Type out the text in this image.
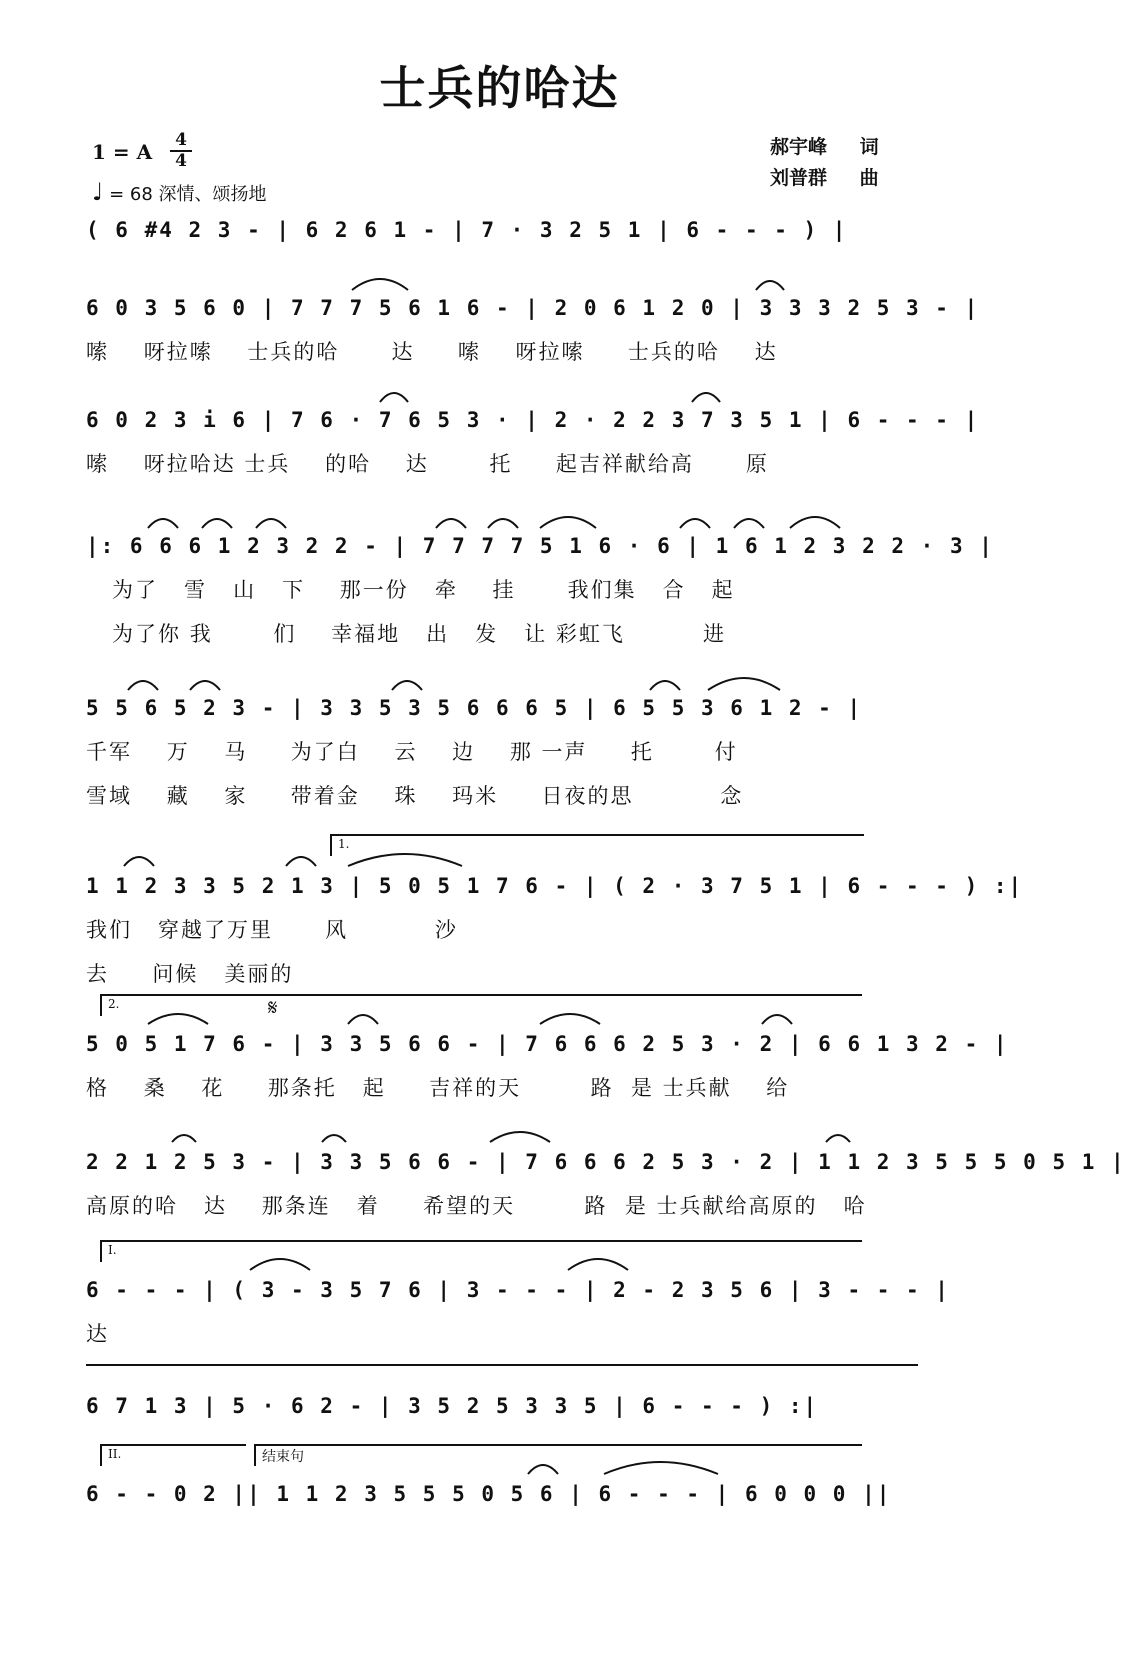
士兵的哈达
1 = A 4
4
♩ = 68 深情、颂扬地
郝宇峰 词
刘普群 曲
( 6 #4 2 3 - | 6 2 6 1 - | 7 · 3 2 5 1 | 6 - - - ) |
6 0 3 5 6 0 | 7 7 7 5 6 1 6 - | 2 0 6 1 2 0 | 3 3 3 2 5 3 - |
嗦    呀拉嗦    士兵的哈      达     嗦    呀拉嗦     士兵的哈    达
6 0 2 3 i 6 | 7 6 · 7 6 5 3 · | 2 · 2 2 3 7 3 5 1 | 6 - - - |
嗦    呀拉哈达 士兵    的哈    达       托     起吉祥献给高      原
|: 6 6 6 1 2 3 2 2 - | 7 7 7 7 5 1 6 · 6 | 1 6 1 2 3 2 2 · 3 |
为了   雪   山   下    那一份   牵    挂      我们集   合   起
为了你 我       们    幸福地   出   发   让 彩虹飞         进
5 5 6 5 2 3 - | 3 3 5 3 5 6 6 6 5 | 6 5 5 3 6 1 2 - |
千军    万    马     为了白    云    边    那 一声     托       付
雪域    藏    家     带着金    珠    玛米     日夜的思          念
1.
1 1 2 3 3 5 2 1 3 | 5 0 5 1 7 6 - | ( 2 · 3 7 5 1 | 6 - - - ) :|
我们   穿越了万里      风          沙
去     问候   美丽的
2.	𝄋
5 0 5 1 7 6 - | 3 3 5 6 6 - | 7 6 6 6 2 5 3 · 2 | 6 6 1 3 2 - |
格    桑    花     那条托   起     吉祥的天        路  是 士兵献    给
2 2 1 2 5 3 - | 3 3 5 6 6 - | 7 6 6 6 2 5 3 · 2 | 1 1 2 3 5 5 5 0 5 1 |
高原的哈   达    那条连   着     希望的天        路  是 士兵献给高原的   哈
I.
6 - - - | ( 3 - 3 5 7 6 | 3 - - - | 2 - 2 3 5 6 | 3 - - - |
达
6 7 1 3 | 5 · 6 2 - | 3 5 2 5 3 3 5 | 6 - - - ) :|
II.	结束句
6 - - 0 2 || 1 1 2 3 5 5 5 0 5 6 | 6 - - - | 6 0 0 0 ||
